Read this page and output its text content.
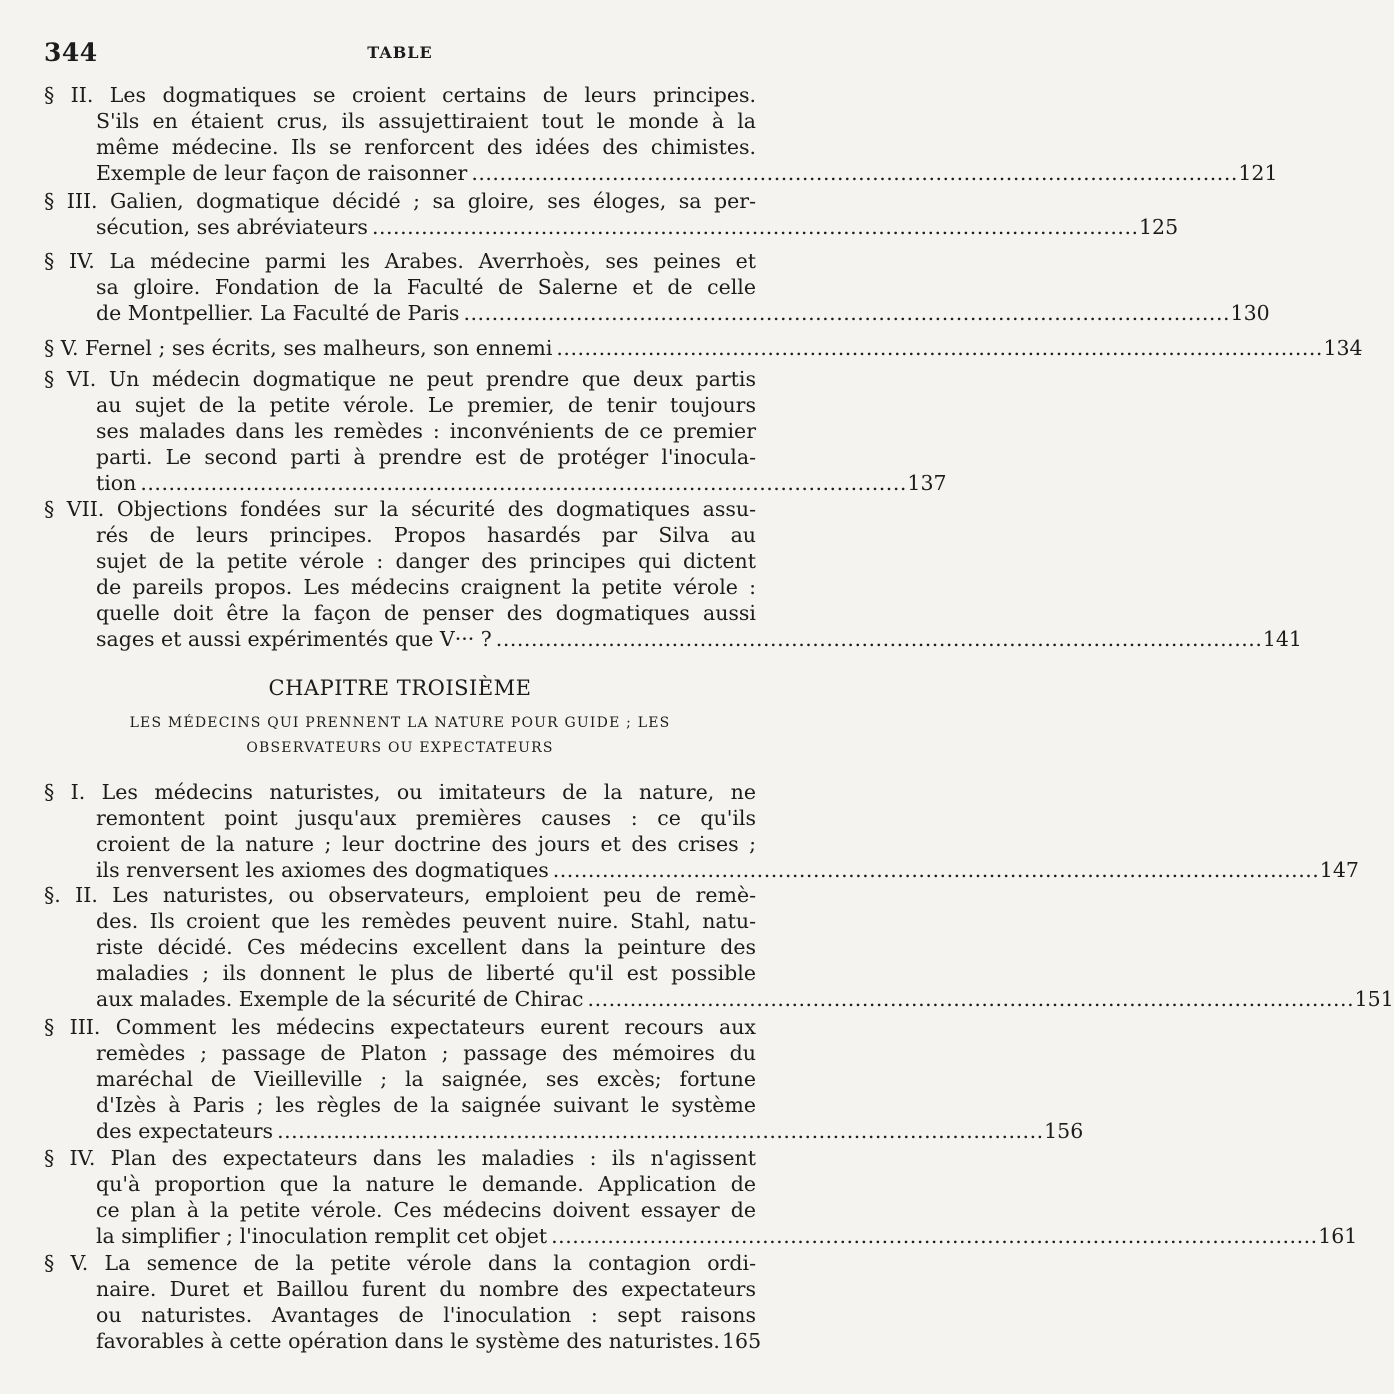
344	TABLE
§ II. Les dogmatiques se croient certains de leurs principes.
S'ils en étaient crus, ils assujettiraient tout le monde à la
même médecine. Ils se renforcent des idées des chimistes.
Exemple de leur façon de raisonner . . .	121
§ III. Galien, dogmatique décidé ; sa gloire, ses éloges, sa per-
sécution, ses abréviateurs . . .	125
§ IV. La médecine parmi les Arabes. Averrhoès, ses peines et
sa gloire. Fondation de la Faculté de Salerne et de celle
de Montpellier. La Faculté de Paris . . .	130
§ V. Fernel ; ses écrits, ses malheurs, son ennemi . . .	134
§ VI. Un médecin dogmatique ne peut prendre que deux partis
au sujet de la petite vérole. Le premier, de tenir toujours
ses malades dans les remèdes : inconvénients de ce premier
parti. Le second parti à prendre est de protéger l'inocula-
tion . . .	137
§ VII. Objections fondées sur la sécurité des dogmatiques assu-
rés de leurs principes. Propos hasardés par Silva au
sujet de la petite vérole : danger des principes qui dictent
de pareils propos. Les médecins craignent la petite vérole :
quelle doit être la façon de penser des dogmatiques aussi
sages et aussi expérimentés que V··· ? . . .	141
CHAPITRE TROISIÈME
LES MÉDECINS QUI PRENNENT LA NATURE POUR GUIDE ; LES
OBSERVATEURS OU EXPECTATEURS
§ I. Les médecins naturistes, ou imitateurs de la nature, ne
remontent point jusqu'aux premières causes : ce qu'ils
croient de la nature ; leur doctrine des jours et des crises ;
ils renversent les axiomes des dogmatiques . . .	147
§. II. Les naturistes, ou observateurs, emploient peu de remè-
des. Ils croient que les remèdes peuvent nuire. Stahl, natu-
riste décidé. Ces médecins excellent dans la peinture des
maladies ; ils donnent le plus de liberté qu'il est possible
aux malades. Exemple de la sécurité de Chirac . . .	151
§ III. Comment les médecins expectateurs eurent recours aux
remèdes ; passage de Platon ; passage des mémoires du
maréchal de Vieilleville ; la saignée, ses excès; fortune
d'Izès à Paris ; les règles de la saignée suivant le système
des expectateurs . . .	156
§ IV. Plan des expectateurs dans les maladies : ils n'agissent
qu'à proportion que la nature le demande. Application de
ce plan à la petite vérole. Ces médecins doivent essayer de
la simplifier ; l'inoculation remplit cet objet . . .	161
§ V. La semence de la petite vérole dans la contagion ordi-
naire. Duret et Baillou furent du nombre des expectateurs
ou naturistes. Avantages de l'inoculation : sept raisons
favorables à cette opération dans le système des naturistes. 165
